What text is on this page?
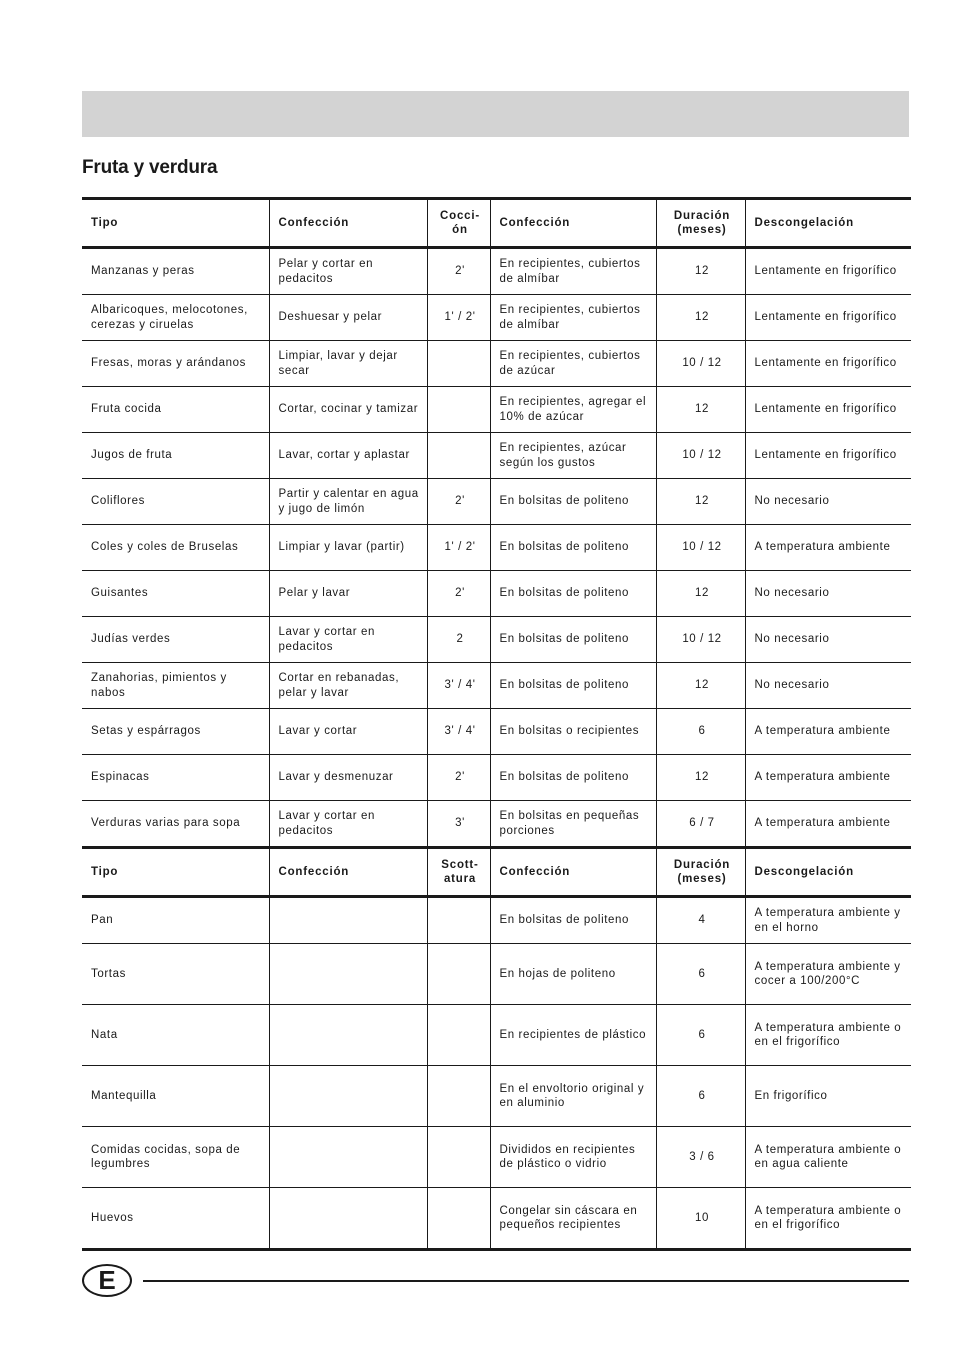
Fruta y verdura
Tipo	Confección	Cocci-ón	Confección	Duración (meses)	Descongelación
Manzanas y peras	Pelar y cortar en pedacitos	2'	En recipientes, cubiertos de almíbar	12	Lentamente en frigorífico
Albaricoques, melocotones, cerezas y ciruelas	Deshuesar y pelar	1' / 2'	En recipientes, cubiertos de almíbar	12	Lentamente en frigorífico
Fresas, moras y arándanos	Limpiar, lavar y dejar secar		En recipientes, cubiertos de azúcar	10 / 12	Lentamente en frigorífico
Fruta cocida	Cortar, cocinar y tamizar		En recipientes, agregar el 10% de azúcar	12	Lentamente en frigorífico
Jugos de fruta	Lavar, cortar y aplastar		En recipientes, azúcar según los gustos	10 / 12	Lentamente en frigorífico
Coliflores	Partir y calentar en agua y jugo de limón	2'	En bolsitas de politeno	12	No necesario
Coles y coles de Bruselas	Limpiar y lavar (partir)	1' / 2'	En bolsitas de politeno	10 / 12	A temperatura ambiente
Guisantes	Pelar y lavar	2'	En bolsitas de politeno	12	No necesario
Judías verdes	Lavar y cortar en pedacitos	2	En bolsitas de politeno	10 / 12	No necesario
Zanahorias, pimientos y nabos	Cortar en rebanadas, pelar y lavar	3' / 4'	En bolsitas de politeno	12	No necesario
Setas y espárragos	Lavar y cortar	3' / 4'	En bolsitas o recipientes	6	A temperatura ambiente
Espinacas	Lavar y desmenuzar	2'	En bolsitas de politeno	12	A temperatura ambiente
Verduras varias para sopa	Lavar y cortar en pedacitos	3'	En bolsitas en pequeñas porciones	6 / 7	A temperatura ambiente
Tipo	Confección	Scott-atura	Confección	Duración (meses)	Descongelación
Pan			En bolsitas de politeno	4	A temperatura ambiente y en el horno
Tortas			En hojas de politeno	6	A temperatura ambiente y cocer a 100/200°C
Nata			En recipientes de plástico	6	A temperatura ambiente o en el frigorífico
Mantequilla			En el envoltorio original y en aluminio	6	En frigorífico
Comidas cocidas, sopa de legumbres			Divididos en recipientes de plástico o vidrio	3 / 6	A temperatura ambiente o en agua caliente
Huevos			Congelar sin cáscara en pequeños recipientes	10	A temperatura ambiente o en el frigorífico
E
